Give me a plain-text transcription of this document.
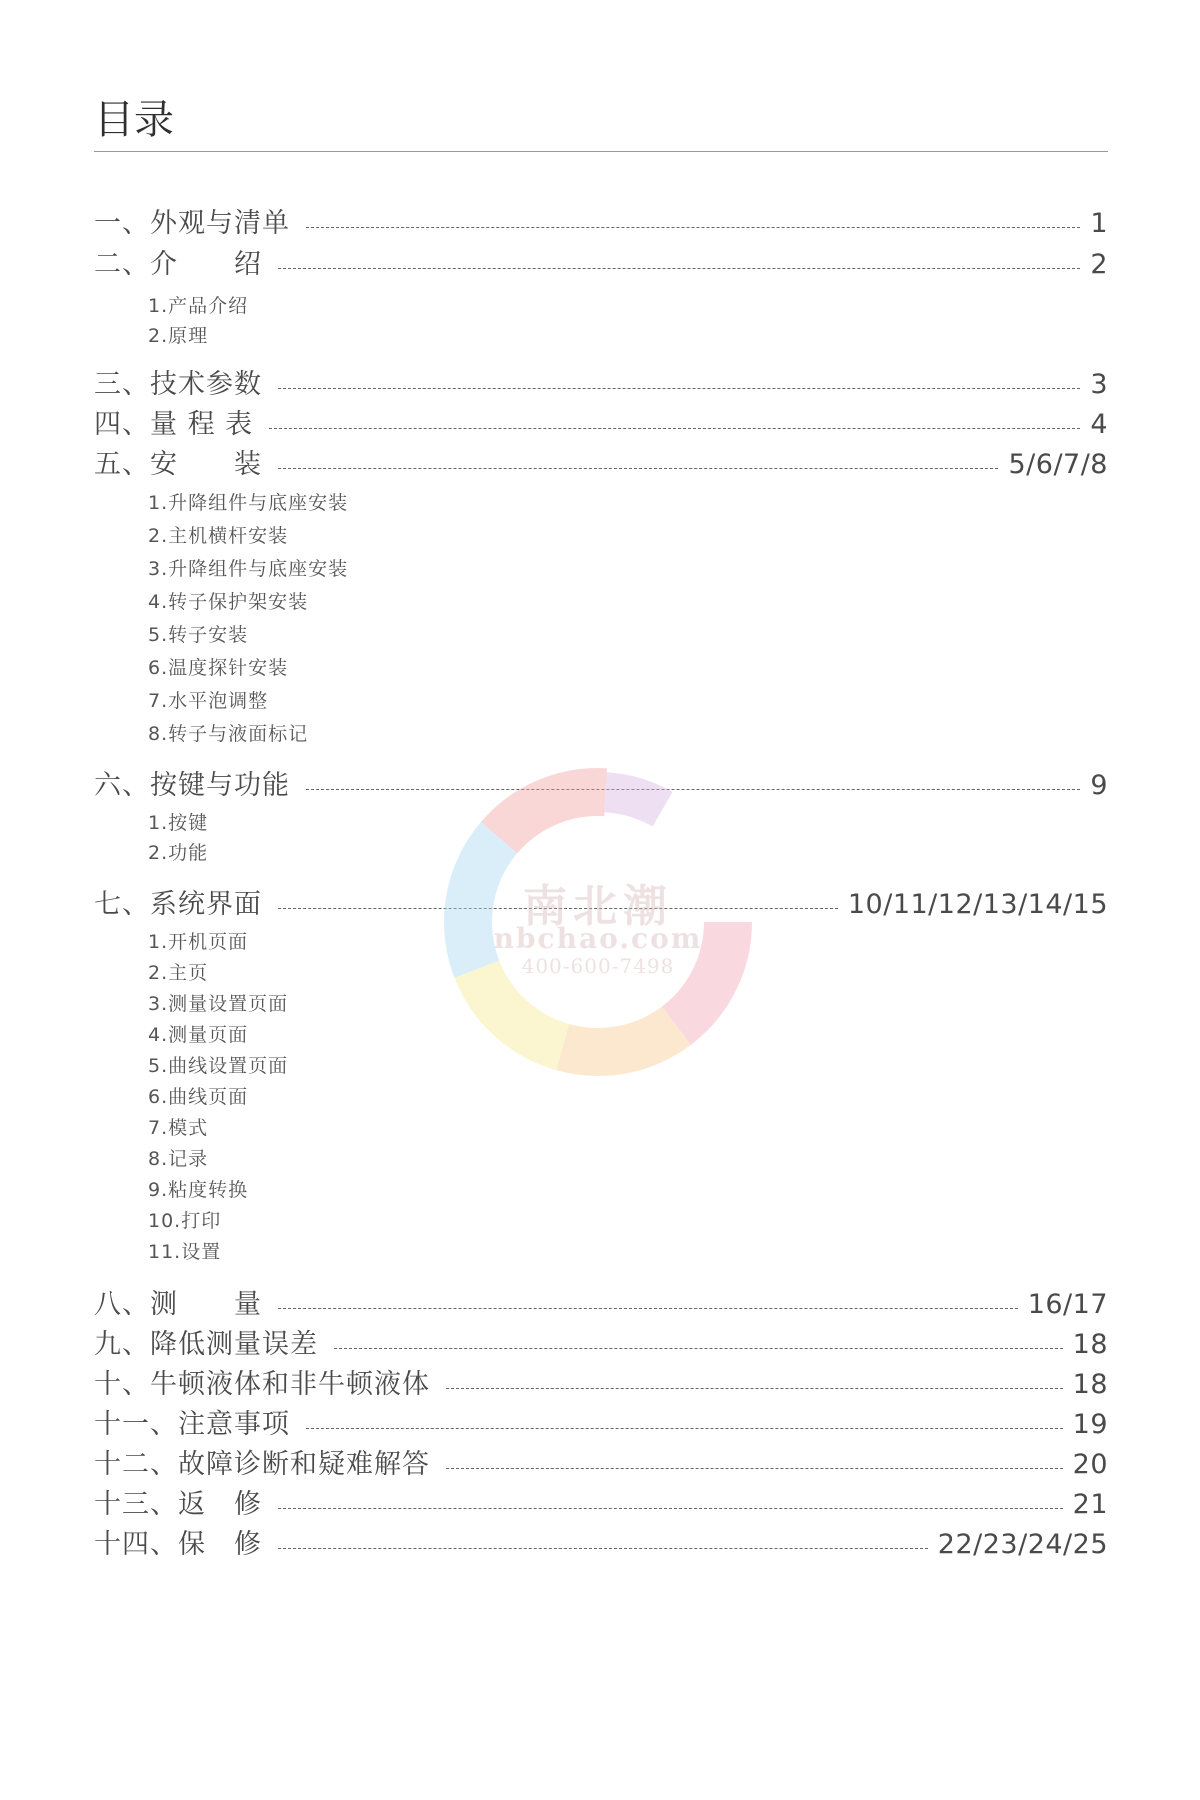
目录
一、外观与清单	1
二、介　　绍	2
1.产品介绍
2.原理
三、技术参数	3
四、量 程 表	4
五、安　　装	5/6/7/8
1.升降组件与底座安装
2.主机横杆安装
3.升降组件与底座安装
4.转子保护架安装
5.转子安装
6.温度探针安装
7.水平泡调整
8.转子与液面标记
六、按键与功能	9
1.按键
2.功能
七、系统界面	10/11/12/13/14/15
1.开机页面
2.主页
3.测量设置页面
4.测量页面
5.曲线设置页面
6.曲线页面
7.模式
8.记录
9.粘度转换
10.打印
11.设置
八、测　　量	16/17
九、降低测量误差	18
十、牛顿液体和非牛顿液体	18
十一、注意事项	19
十二、故障诊断和疑难解答	20
十三、返　修	21
十四、保　修	22/23/24/25
南北潮
nbchao.com
400-600-7498
